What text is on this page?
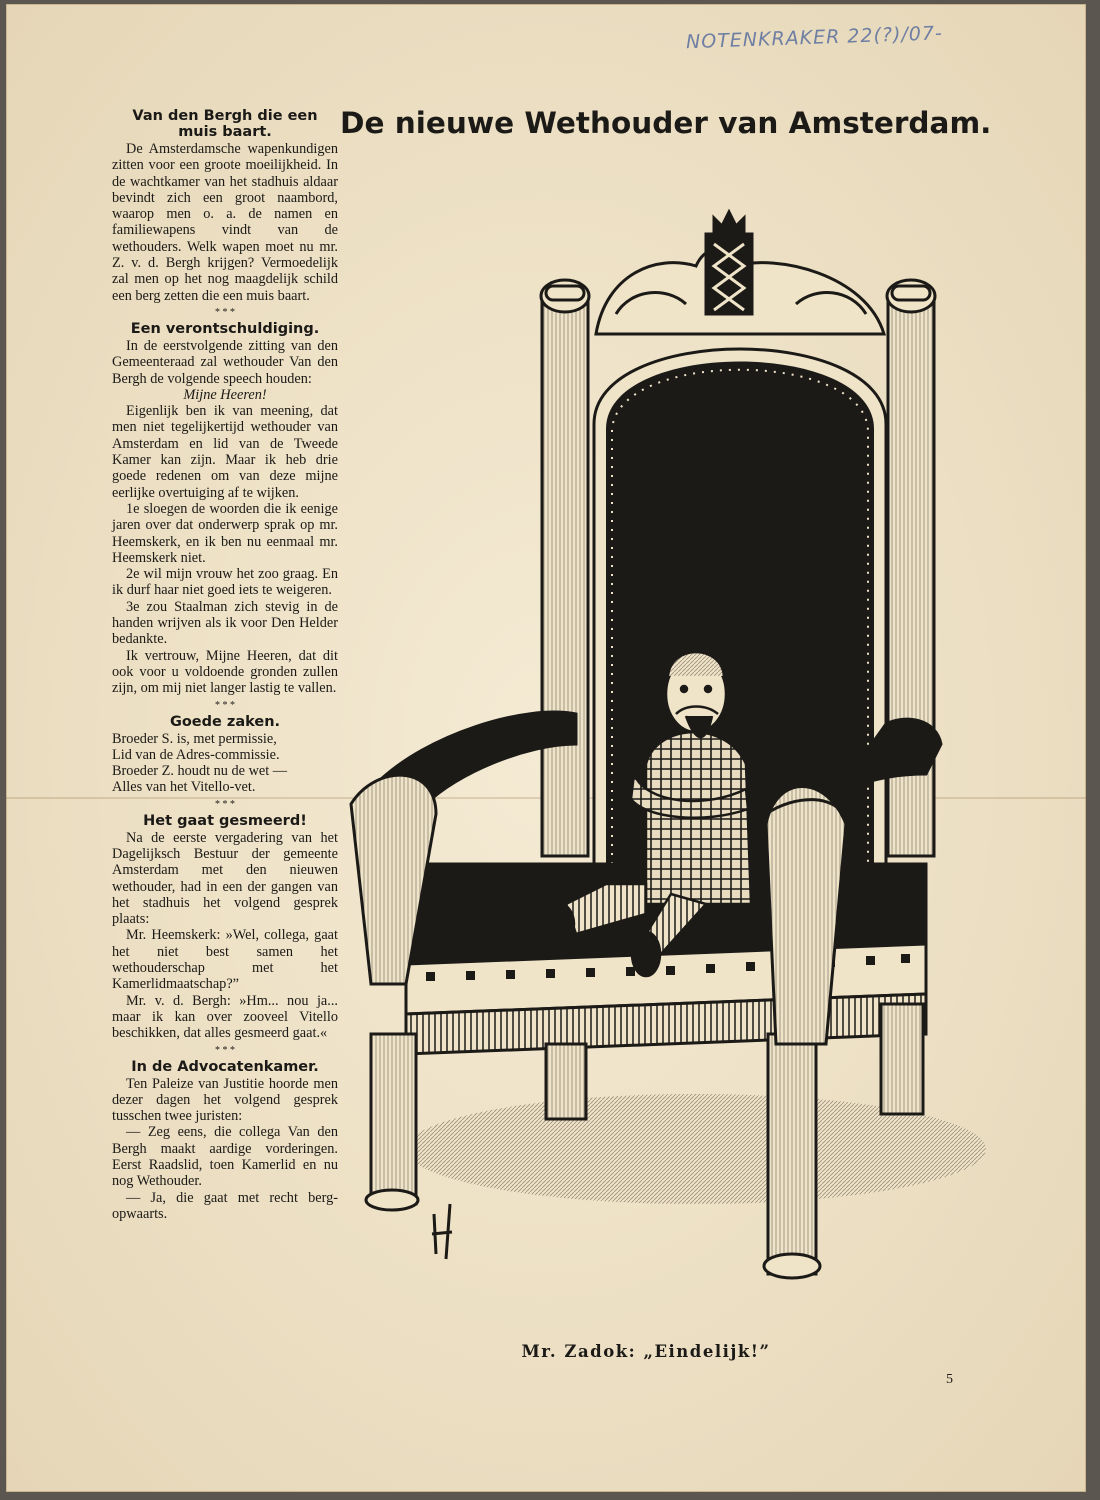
NOTENKRAKER 22(?)/07-
Van den Bergh die een muis baart.

De Amsterdamsche wapenkundigen zitten voor een groote moeilijkheid. In de wachtkamer van het stadhuis aldaar bevindt zich een groot naambord, waarop men o. a. de namen en familiewapens vindt van de wethouders. Welk wapen moet nu mr. Z. v. d. Bergh krijgen? Vermoedelijk zal men op het nog maagdelijk schild een berg zetten die een muis baart.

* * *
Een verontschuldiging.

In de eerstvolgende zitting van den Gemeenteraad zal wethouder Van den Bergh de volgende speech houden:

Mijne Heeren!

Eigenlijk ben ik van meening, dat men niet tegelijkertijd wethouder van Amsterdam en lid van de Tweede Kamer kan zijn. Maar ik heb drie goede redenen om van deze mijne eerlijke overtuiging af te wijken.

1e sloegen de woorden die ik eenige jaren over dat onderwerp sprak op mr. Heemskerk, en ik ben nu eenmaal mr. Heemskerk niet.

2e wil mijn vrouw het zoo graag. En ik durf haar niet goed iets te weigeren.

3e zou Staalman zich stevig in de handen wrijven als ik voor Den Helder bedankte.

Ik vertrouw, Mijne Heeren, dat dit ook voor u voldoende gronden zullen zijn, om mij niet langer lastig te vallen.

* * *
Goede zaken.

Broeder S. is, met permissie,

Lid van de Adres-commissie.

Broeder Z. houdt nu de wet —

Alles van het Vitello-vet.

* * *
Het gaat gesmeerd!

Na de eerste vergadering van het Dagelijksch Bestuur der gemeente Amsterdam met den nieuwen wethouder, had in een der gangen van het stadhuis het volgend gesprek plaats:

Mr. Heemskerk: »Wel, collega, gaat het niet best samen het wethouderschap met het Kamerlidmaatschap?”

Mr. v. d. Bergh: »Hm... nou ja... maar ik kan over zooveel Vitello beschikken, dat alles gesmeerd gaat.«

* * *
In de Advocatenkamer.

Ten Paleize van Justitie hoorde men dezer dagen het volgend gesprek tusschen twee juristen:

— Zeg eens, die collega Van den Bergh maakt aardige vorderingen. Eerst Raadslid, toen Kamerlid en nu nog Wethouder.

— Ja, die gaat met recht berg-opwaarts.

De nieuwe Wethouder van Amsterdam.
Mr. Zadok: „Eindelijk!”
5
